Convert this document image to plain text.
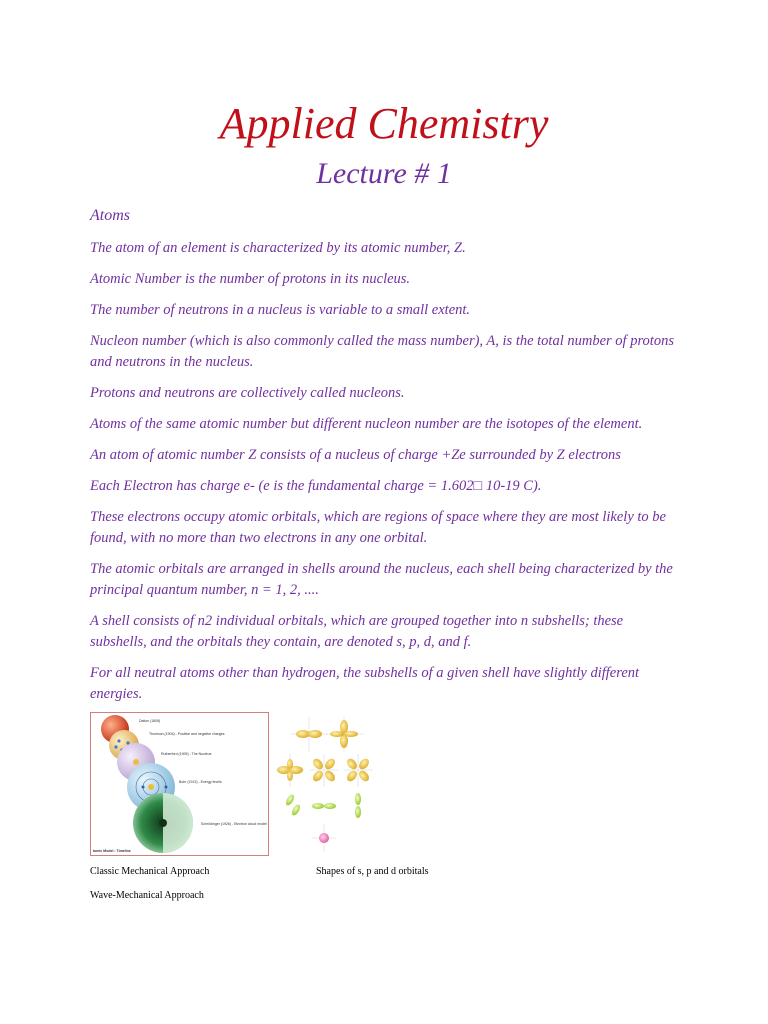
Applied Chemistry
Lecture # 1
Atoms

The atom of an element is characterized by its atomic number, Z.

Atomic Number is the number of protons in its nucleus.

The number of neutrons in a nucleus is variable to a small extent.

Nucleon number (which is also commonly called the mass number), A, is the total number of protons and neutrons in the nucleus.

Protons and neutrons are collectively called nucleons.

Atoms of the same atomic number but different nucleon number are the isotopes of the element.

An atom of atomic number Z consists of a nucleus of charge +Ze surrounded by Z electrons

Each Electron has charge e- (e is the fundamental charge = 1.602□ 10-19 C).

These electrons occupy atomic orbitals, which are regions of space where they are most likely to be found, with no more than two electrons in any one orbital.

The atomic orbitals are arranged in shells around the nucleus, each shell being characterized by the principal quantum number, n = 1, 2, ....

A shell consists of n2 individual orbitals, which are grouped together into n subshells; these subshells, and the orbitals they contain, are denoted s, p, d, and f.

For all neutral atoms other than hydrogen, the subshells of a given shell have slightly different energies.

Dalton (1808)
Thomson (1904) - Positive and negative charges
Rutherford (1909) - The Nucleus
Bohr (1913) - Energy levels
Schrödinger (1926) - Electron cloud model
tomic Model : Timeline
Classic Mechanical Approach	Shapes of s, p and d orbitals
Wave-Mechanical Approach
